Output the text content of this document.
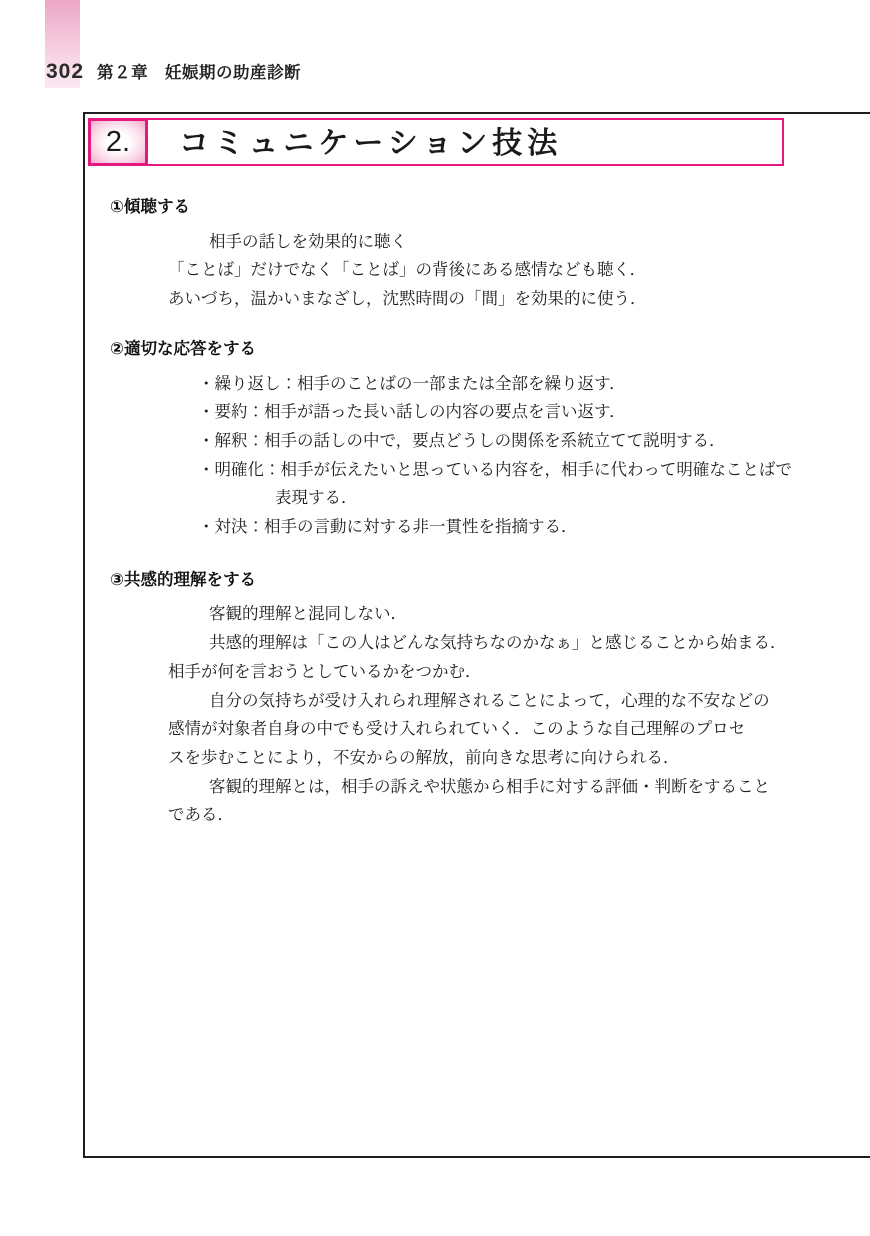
302 第２章　妊娠期の助産診断
2. コミュニケーション技法
①傾聴する

相手の話しを効果的に聴く

「ことば」だけでなく「ことば」の背後にある感情なども聴く．

あいづち，温かいまなざし，沈黙時間の「間」を効果的に使う．

②適切な応答をする

・繰り返し：相手のことばの一部または全部を繰り返す．

・要約：相手が語った長い話しの内容の要点を言い返す．

・解釈：相手の話しの中で，要点どうしの関係を系統立てて説明する．

・明確化：相手が伝えたいと思っている内容を，相手に代わって明確なことばで

表現する．

・対決：相手の言動に対する非一貫性を指摘する．

③共感的理解をする

客観的理解と混同しない．

共感的理解は「この人はどんな気持ちなのかなぁ」と感じることから始まる．

相手が何を言おうとしているかをつかむ．

自分の気持ちが受け入れられ理解されることによって，心理的な不安などの

感情が対象者自身の中でも受け入れられていく．このような自己理解のプロセ

スを歩むことにより，不安からの解放，前向きな思考に向けられる．

客観的理解とは，相手の訴えや状態から相手に対する評価・判断をすること

である．
